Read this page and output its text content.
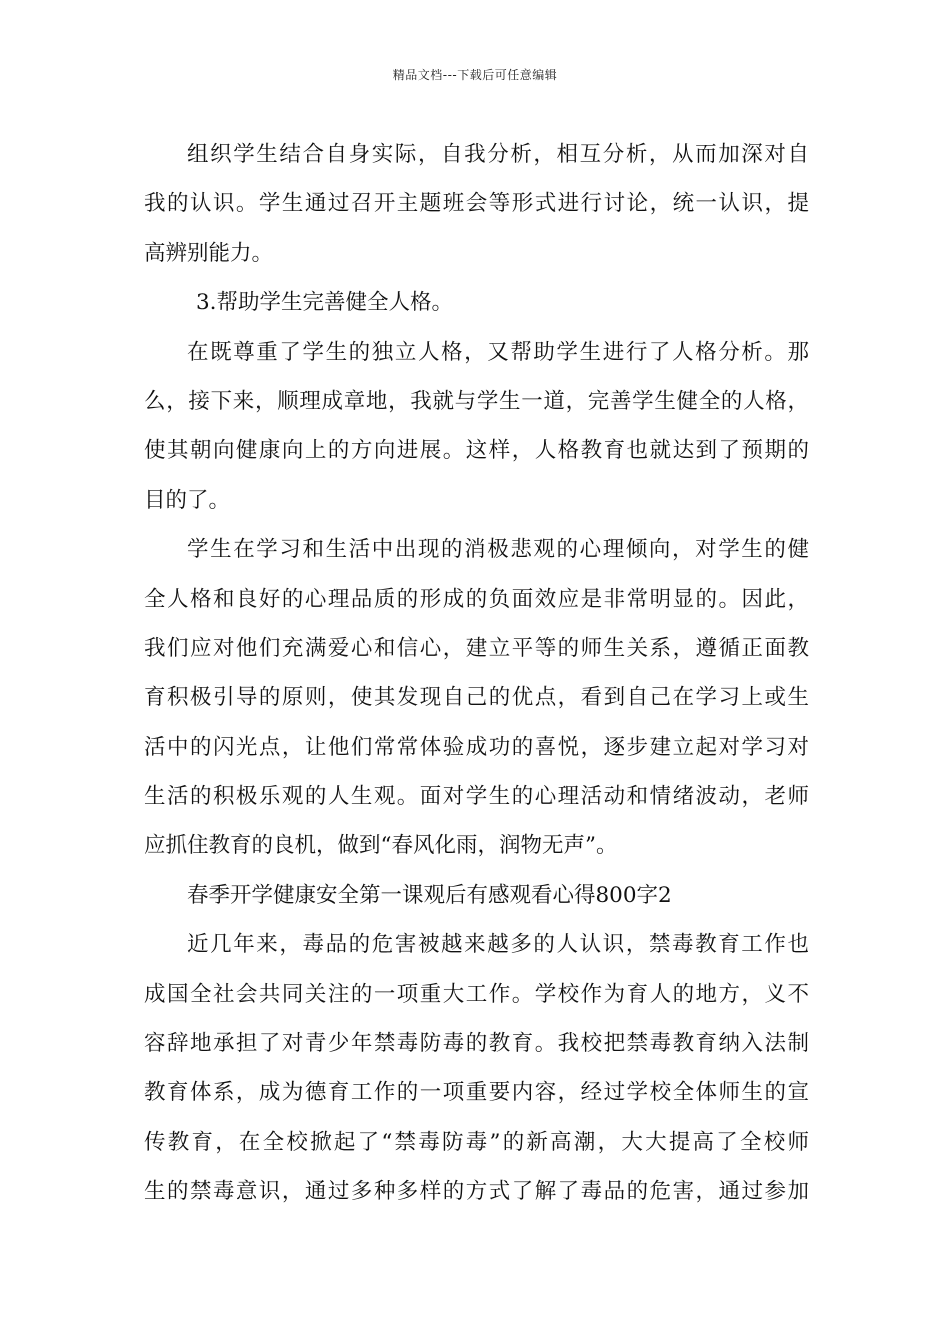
精品文档---下载后可任意编辑
组织学生结合自身实际，自我分析，相互分析，从而加深对自
我的认识。学生通过召开主题班会等形式进行讨论，统一认识，提
高辨别能力。
3.帮助学生完善健全人格。
在既尊重了学生的独立人格，又帮助学生进行了人格分析。那
么，接下来，顺理成章地，我就与学生一道，完善学生健全的人格，
使其朝向健康向上的方向进展。这样，人格教育也就达到了预期的
目的了。
学生在学习和生活中出现的消极悲观的心理倾向，对学生的健
全人格和良好的心理品质的形成的负面效应是非常明显的。因此，
我们应对他们充满爱心和信心，建立平等的师生关系，遵循正面教
育积极引导的原则，使其发现自己的优点，看到自己在学习上或生
活中的闪光点，让他们常常体验成功的喜悦，逐步建立起对学习对
生活的积极乐观的人生观。面对学生的心理活动和情绪波动，老师
应抓住教育的良机，做到“春风化雨，润物无声”。
春季开学健康安全第一课观后有感观看心得800字2
近几年来，毒品的危害被越来越多的人认识，禁毒教育工作也
成国全社会共同关注的一项重大工作。学校作为育人的地方，义不
容辞地承担了对青少年禁毒防毒的教育。我校把禁毒教育纳入法制
教育体系，成为德育工作的一项重要内容，经过学校全体师生的宣
传教育，在全校掀起了“禁毒防毒”的新高潮，大大提高了全校师
生的禁毒意识，通过多种多样的方式了解了毒品的危害，通过参加
